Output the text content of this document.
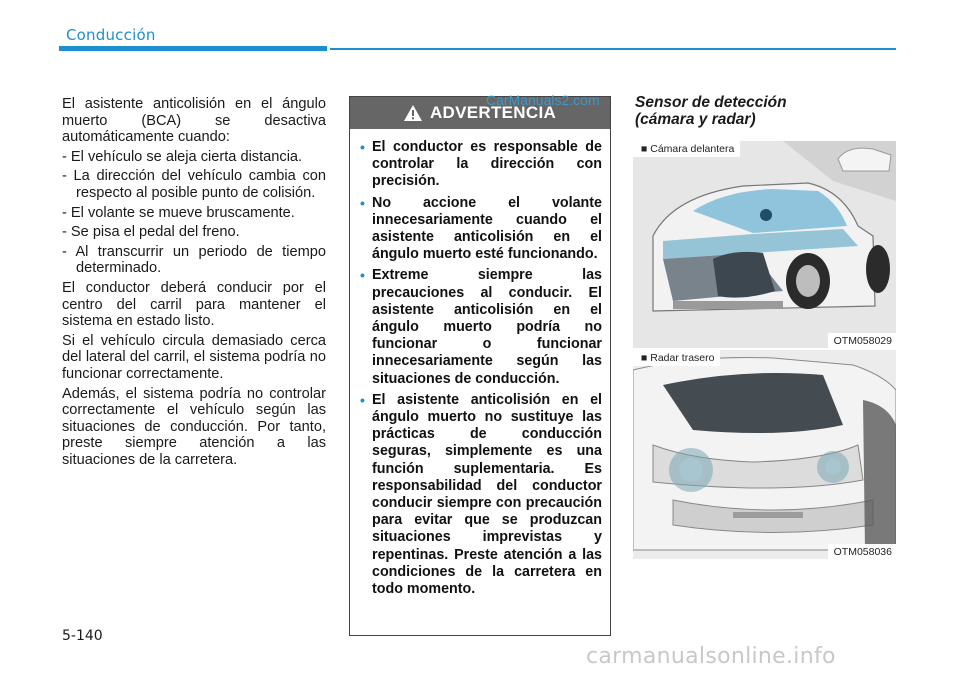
Conducción

El asistente anticolisión en el ángulo muerto (BCA) se desactiva automáticamente cuando:

- El vehículo se aleja cierta distancia.

- La dirección del vehículo cambia con respecto al posible punto de colisión.

- El volante se mueve bruscamente.

- Se pisa el pedal del freno.

- Al transcurrir un periodo de tiempo determinado.

El conductor deberá conducir por el centro del carril para mantener el sistema en estado listo.

Si el vehículo circula demasiado cerca del lateral del carril, el sistema podría no funcionar correctamente.

Además, el sistema podría no controlar correctamente el vehículo según las situaciones de conducción. Por tanto, preste siempre atención a las situaciones de la carretera.

ADVERTENCIA
• El conductor es responsable de controlar la dirección con precisión.
• No accione el volante innecesariamente cuando el asistente anticolisión en el ángulo muerto esté funcionando.
• Extreme siempre las precauciones al conducir. El asistente anticolisión en el ángulo muerto podría no funcionar o funcionar innecesariamente según las situaciones de conducción.
• El asistente anticolisión en el ángulo muerto no sustituye las prácticas de conducción seguras, simplemente es una función suplementaria. Es responsabilidad del conductor conducir siempre con precaución para evitar que se produzcan situaciones imprevistas y repentinas. Preste atención a las condiciones de la carretera en todo momento.
CarManuals2.com Sensor de detección
(cámara y radar)
■ Cámara delantera
OTM058029
■ Radar trasero
OTM058036
5-140
carmanualsonline.info
